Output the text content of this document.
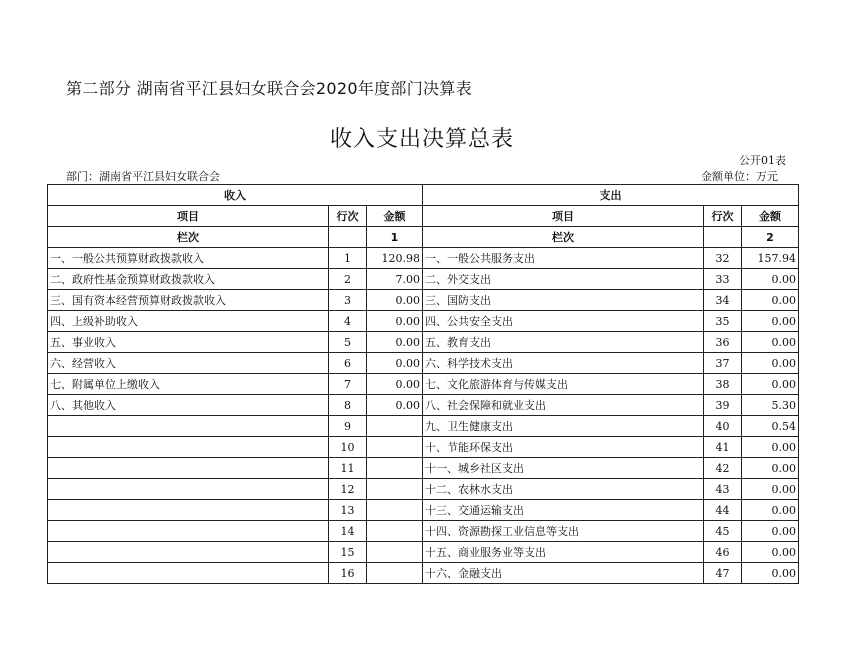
第二部分 湖南省平江县妇女联合会2020年度部门决算表
收入支出决算总表
公开01表
部门：湖南省平江县妇女联合会	金额单位：万元
收入			支出		
项目	行次	金额	项目	行次	金额
栏次		1	栏次		2
一、一般公共预算财政拨款收入	1	120.98	一、一般公共服务支出	32	157.94
二、政府性基金预算财政拨款收入	2	7.00	二、外交支出	33	0.00
三、国有资本经营预算财政拨款收入	3	0.00	三、国防支出	34	0.00
四、上级补助收入	4	0.00	四、公共安全支出	35	0.00
五、事业收入	5	0.00	五、教育支出	36	0.00
六、经营收入	6	0.00	六、科学技术支出	37	0.00
七、附属单位上缴收入	7	0.00	七、文化旅游体育与传媒支出	38	0.00
八、其他收入	8	0.00	八、社会保障和就业支出	39	5.30
	9		九、卫生健康支出	40	0.54
	10		十、节能环保支出	41	0.00
	11		十一、城乡社区支出	42	0.00
	12		十二、农林水支出	43	0.00
	13		十三、交通运输支出	44	0.00
	14		十四、资源勘探工业信息等支出	45	0.00
	15		十五、商业服务业等支出	46	0.00
	16		十六、金融支出	47	0.00
